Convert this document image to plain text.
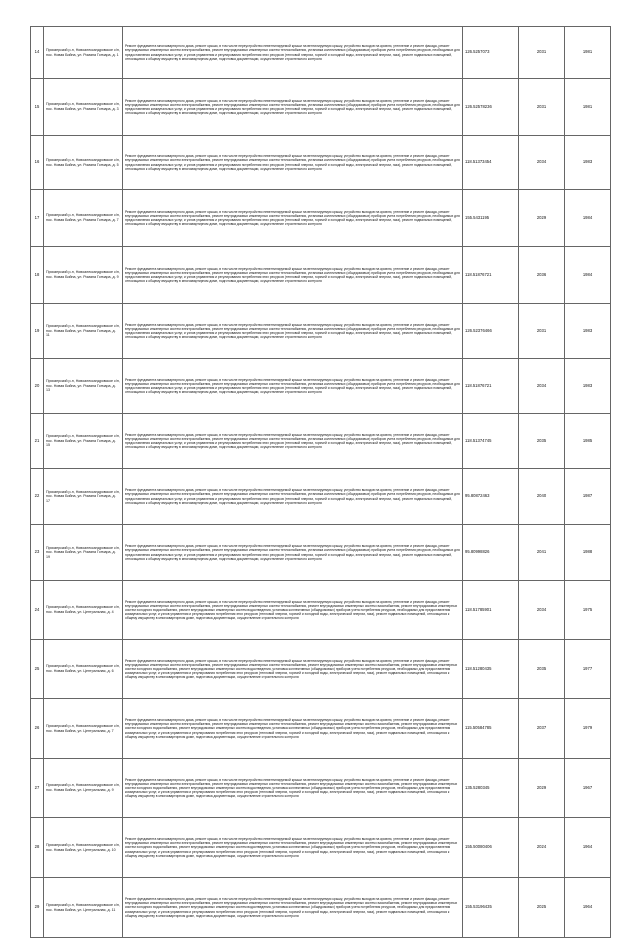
14	Приозерский р-н, Новоалександровское с/п, пос. Новая Бийна, ул. Романа Гончара, д. 1	Ремонт фундамента многоквартирного дома, ремонт крыши, в том числе переустройство невентилируемой крыши на вентилируемую крышу, устройство выходов на кровлю, утепление и ремонт фасада, ремонт внутридомовых инженерных систем электроснабжения, ремонт внутридомовых инженерных систем теплоснабжения, установка коллективных (общедомовых) приборов учета потребления ресурсов, необходимых для предоставления коммунальных услуг, и узлов управления и регулирования потребления этих ресурсов (тепловой энергии, горячей и холодной воды, электрической энергии, газа), ремонт подвальных помещений, относящихся к общему имуществу в многоквартирном доме, подготовка документации, осуществление строительного контроля	126.5257073	2031	1981
15	Приозерский р-н, Новоалександровское с/п, пос. Новая Бийна, ул. Романа Гончара, д. 3	Ремонт фундамента многоквартирного дома, ремонт крыши, в том числе переустройство невентилируемой крыши на вентилируемую крышу, устройство выходов на кровлю, утепление и ремонт фасада, ремонт внутридомовых инженерных систем электроснабжения, ремонт внутридомовых инженерных систем теплоснабжения, установка коллективных (общедомовых) приборов учета потребления ресурсов, необходимых для предоставления коммунальных услуг, и узлов управления и регулирования потребления этих ресурсов (тепловой энергии, горячей и холодной воды, электрической энергии, газа), ремонт подвальных помещений, относящихся к общему имуществу в многоквартирном доме, подготовка документации, осуществление строительного контроля	126.52578236	2031	1981
16	Приозерский р-н, Новоалександровское с/п, пос. Новая Бийна, ул. Романа Гончара, д. 5	Ремонт фундамента многоквартирного дома, ремонт крыши, в том числе переустройство невентилируемой крыши на вентилируемую крышу, устройство выходов на кровлю, утепление и ремонт фасада, ремонт внутридомовых инженерных систем электроснабжения, ремонт внутридомовых инженерных систем теплоснабжения, установка коллективных (общедомовых) приборов учета потребления ресурсов, необходимых для предоставления коммунальных услуг, и узлов управления и регулирования потребления этих ресурсов (тепловой энергии, горячей и холодной воды, электрической энергии, газа), ремонт подвальных помещений, относящихся к общему имуществу в многоквартирном доме, подготовка документации, осуществление строительного контроля	118.51373454	2034	1983
17	Приозерский р-н, Новоалександровское с/п, пос. Новая Бийна, ул. Романа Гончара, д. 7	Ремонт фундамента многоквартирного дома, ремонт крыши, в том числе переустройство невентилируемой крыши на вентилируемую крышу, устройство выходов на кровлю, утепление и ремонт фасада, ремонт внутридомовых инженерных систем электроснабжения, ремонт внутридомовых инженерных систем теплоснабжения, установка коллективных (общедомовых) приборов учета потребления ресурсов, необходимых для предоставления коммунальных услуг, и узлов управления и регулирования потребления этих ресурсов (тепловой энергии, горячей и холодной воды, электрической энергии, газа), ремонт подвальных помещений, относящихся к общему имуществу в многоквартирном доме, подготовка документации, осуществление строительного контроля	155.5431195	2029	1984
18	Приозерский р-н, Новоалександровское с/п, пос. Новая Бийна, ул. Романа Гончара, д. 9	Ремонт фундамента многоквартирного дома, ремонт крыши, в том числе переустройство невентилируемой крыши на вентилируемую крышу, устройство выходов на кровлю, утепление и ремонт фасада, ремонт внутридомовых инженерных систем электроснабжения, ремонт внутридомовых инженерных систем теплоснабжения, установка коллективных (общедомовых) приборов учета потребления ресурсов, необходимых для предоставления коммунальных услуг, и узлов управления и регулирования потребления этих ресурсов (тепловой энергии, горячей и холодной воды, электрической энергии, газа), ремонт подвальных помещений, относящихся к общему имуществу в многоквартирном доме, подготовка документации, осуществление строительного контроля	118.51876721	2036	1984
19	Приозерский р-н, Новоалександровское с/п, пос. Новая Бийна, ул. Романа Гончара, д. 11	Ремонт фундамента многоквартирного дома, ремонт крыши, в том числе переустройство невентилируемой крыши на вентилируемую крышу, устройство выходов на кровлю, утепление и ремонт фасада, ремонт внутридомовых инженерных систем электроснабжения, ремонт внутридомовых инженерных систем теплоснабжения, установка коллективных (общедомовых) приборов учета потребления ресурсов, необходимых для предоставления коммунальных услуг, и узлов управления и регулирования потребления этих ресурсов (тепловой энергии, горячей и холодной воды, электрической энергии, газа), ремонт подвальных помещений, относящихся к общему имуществу в многоквартирном доме, подготовка документации, осуществление строительного контроля	126.52376466	2031	1983
20	Приозерский р-н, Новоалександровское с/п, пос. Новая Бийна, ул. Романа Гончара, д. 13	Ремонт фундамента многоквартирного дома, ремонт крыши, в том числе переустройство невентилируемой крыши на вентилируемую крышу, устройство выходов на кровлю, утепление и ремонт фасада, ремонт внутридомовых инженерных систем электроснабжения, ремонт внутридомовых инженерных систем теплоснабжения, установка коллективных (общедомовых) приборов учета потребления ресурсов, необходимых для предоставления коммунальных услуг, и узлов управления и регулирования потребления этих ресурсов (тепловой энергии, горячей и холодной воды, электрической энергии, газа), ремонт подвальных помещений, относящихся к общему имуществу в многоквартирном доме, подготовка документации, осуществление строительного контроля	118.51876721	2034	1983
21	Приозерский р-н, Новоалександровское с/п, пос. Новая Бийна, ул. Романа Гончара, д. 15	Ремонт фундамента многоквартирного дома, ремонт крыши, в том числе переустройство невентилируемой крыши на вентилируемую крышу, устройство выходов на кровлю, утепление и ремонт фасада, ремонт внутридомовых инженерных систем электроснабжения, ремонт внутридомовых инженерных систем теплоснабжения, установка коллективных (общедомовых) приборов учета потребления ресурсов, необходимых для предоставления коммунальных услуг, и узлов управления и регулирования потребления этих ресурсов (тепловой энергии, горячей и холодной воды, электрической энергии, газа), ремонт подвальных помещений, относящихся к общему имуществу в многоквартирном доме, подготовка документации, осуществление строительного контроля	118.51374745	2035	1985
22	Приозерский р-н, Новоалександровское с/п, пос. Новая Бийна, ул. Романа Гончара, д. 17	Ремонт фундамента многоквартирного дома, ремонт крыши, в том числе переустройство невентилируемой крыши на вентилируемую крышу, устройство выходов на кровлю, утепление и ремонт фасада, ремонт внутридомовых инженерных систем электроснабжения, ремонт внутридомовых инженерных систем теплоснабжения, установка коллективных (общедомовых) приборов учета потребления ресурсов, необходимых для предоставления коммунальных услуг, и узлов управления и регулирования потребления этих ресурсов (тепловой энергии, горячей и холодной воды, электрической энергии, газа), ремонт подвальных помещений, относящихся к общему имуществу в многоквартирном доме, подготовка документации, осуществление строительного контроля	95.80872463	2040	1987
23	Приозерский р-н, Новоалександровское с/п, пос. Новая Бийна, ул. Романа Гончара, д. 19	Ремонт фундамента многоквартирного дома, ремонт крыши, в том числе переустройство невентилируемой крыши на вентилируемую крышу, устройство выходов на кровлю, утепление и ремонт фасада, ремонт внутридомовых инженерных систем электроснабжения, ремонт внутридомовых инженерных систем теплоснабжения, установка коллективных (общедомовых) приборов учета потребления ресурсов, необходимых для предоставления коммунальных услуг, и узлов управления и регулирования потребления этих ресурсов (тепловой энергии, горячей и холодной воды, электрической энергии, газа), ремонт подвальных помещений, относящихся к общему имуществу в многоквартирном доме, подготовка документации, осуществление строительного контроля	95.80998826	2041	1988
24	Приозерский р-н, Новоалександровское с/п, пос. Новая Бийна, ул. Центральная, д. 4	Ремонт фундамента многоквартирного дома, ремонт крыши, в том числе переустройство невентилируемой крыши на вентилируемую крышу, устройство выходов на кровлю, утепление и ремонт фасада, ремонт внутридомовых инженерных систем электроснабжения, ремонт внутридомовых инженерных систем теплоснабжения, ремонт внутридомовых инженерных систем газоснабжения, ремонт внутридомовых инженерных систем холодного водоснабжения, ремонт внутридомовых инженерных систем водоотведения, установка коллективных (общедомовых) приборов учета потребления ресурсов, необходимых для предоставления коммунальных услуг, и узлов управления и регулирования потребления этих ресурсов (тепловой энергии, горячей и холодной воды, электрической энергии, газа), ремонт подвальных помещений, относящихся к общему имуществу в многоквартирном доме, подготовка документации, осуществление строительного контроля	118.51785901	2034	1975
25	Приозерский р-н, Новоалександровское с/п, пос. Новая Бийна, ул. Центральная, д. 6	Ремонт фундамента многоквартирного дома, ремонт крыши, в том числе переустройство невентилируемой крыши на вентилируемую крышу, устройство выходов на кровлю, утепление и ремонт фасада, ремонт внутридомовых инженерных систем электроснабжения, ремонт внутридомовых инженерных систем теплоснабжения, ремонт внутридомовых инженерных систем газоснабжения, ремонт внутридомовых инженерных систем холодного водоснабжения, ремонт внутридомовых инженерных систем водоотведения, установка коллективных (общедомовых) приборов учета потребления ресурсов, необходимых для предоставления коммунальных услуг, и узлов управления и регулирования потребления этих ресурсов (тепловой энергии, горячей и холодной воды, электрической энергии, газа), ремонт подвальных помещений, относящихся к общему имуществу в многоквартирном доме, подготовка документации, осуществление строительного контроля	118.51280435	2035	1977
26	Приозерский р-н, Новоалександровское с/п, пос. Новая Бийна, ул. Центральная, д. 7	Ремонт фундамента многоквартирного дома, ремонт крыши, в том числе переустройство невентилируемой крыши на вентилируемую крышу, устройство выходов на кровлю, утепление и ремонт фасада, ремонт внутридомовых инженерных систем электроснабжения, ремонт внутридомовых инженерных систем теплоснабжения, ремонт внутридомовых инженерных систем газоснабжения, ремонт внутридомовых инженерных систем холодного водоснабжения, ремонт внутридомовых инженерных систем водоотведения, установка коллективных (общедомовых) приборов учета потребления ресурсов, необходимых для предоставления коммунальных услуг, и узлов управления и регулирования потребления этих ресурсов (тепловой энергии, горячей и холодной воды, электрической энергии, газа), ремонт подвальных помещений, относящихся к общему имуществу в многоквартирном доме, подготовка документации, осуществление строительного контроля	115.50584785	2037	1979
27	Приозерский р-н, Новоалександровское с/п, пос. Новая Бийна, ул. Центральная, д. 9	Ремонт фундамента многоквартирного дома, ремонт крыши, в том числе переустройство невентилируемой крыши на вентилируемую крышу, устройство выходов на кровлю, утепление и ремонт фасада, ремонт внутридомовых инженерных систем электроснабжения, ремонт внутридомовых инженерных систем теплоснабжения, ремонт внутридомовых инженерных систем газоснабжения, ремонт внутридомовых инженерных систем холодного водоснабжения, ремонт внутридомовых инженерных систем водоотведения, установка коллективных (общедомовых) приборов учета потребления ресурсов, необходимых для предоставления коммунальных услуг, и узлов управления и регулирования потребления этих ресурсов (тепловой энергии, горячей и холодной воды, электрической энергии, газа), ремонт подвальных помещений, относящихся к общему имуществу в многоквартирном доме, подготовка документации, осуществление строительного контроля	135.5280345	2029	1967
28	Приозерский р-н, Новоалександровское с/п, пос. Новая Бийна, ул. Центральная, д. 10	Ремонт фундамента многоквартирного дома, ремонт крыши, в том числе переустройство невентилируемой крыши на вентилируемую крышу, устройство выходов на кровлю, утепление и ремонт фасада, ремонт внутридомовых инженерных систем электроснабжения, ремонт внутридомовых инженерных систем теплоснабжения, ремонт внутридомовых инженерных систем газоснабжения, ремонт внутридомовых инженерных систем холодного водоснабжения, ремонт внутридомовых инженерных систем водоотведения, установка коллективных (общедомовых) приборов учета потребления ресурсов, необходимых для предоставления коммунальных услуг, и узлов управления и регулирования потребления этих ресурсов (тепловой энергии, горячей и холодной воды, электрической энергии, газа), ремонт подвальных помещений, относящихся к общему имуществу в многоквартирном доме, подготовка документации, осуществление строительного контроля	155.50080406	2024	1964
29	Приозерский р-н, Новоалександровское с/п, пос. Новая Бийна, ул. Центральная, д. 11	Ремонт фундамента многоквартирного дома, ремонт крыши, в том числе переустройство невентилируемой крыши на вентилируемую крышу, устройство выходов на кровлю, утепление и ремонт фасада, ремонт внутридомовых инженерных систем электроснабжения, ремонт внутридомовых инженерных систем теплоснабжения, ремонт внутридомовых инженерных систем газоснабжения, ремонт внутридомовых инженерных систем холодного водоснабжения, ремонт внутридомовых инженерных систем водоотведения, установка коллективных (общедомовых) приборов учета потребления ресурсов, необходимых для предоставления коммунальных услуг, и узлов управления и регулирования потребления этих ресурсов (тепловой энергии, горячей и холодной воды, электрической энергии, газа), ремонт подвальных помещений, относящихся к общему имуществу в многоквартирном доме, подготовка документации, осуществление строительного контроля	155.53196435	2025	1964
